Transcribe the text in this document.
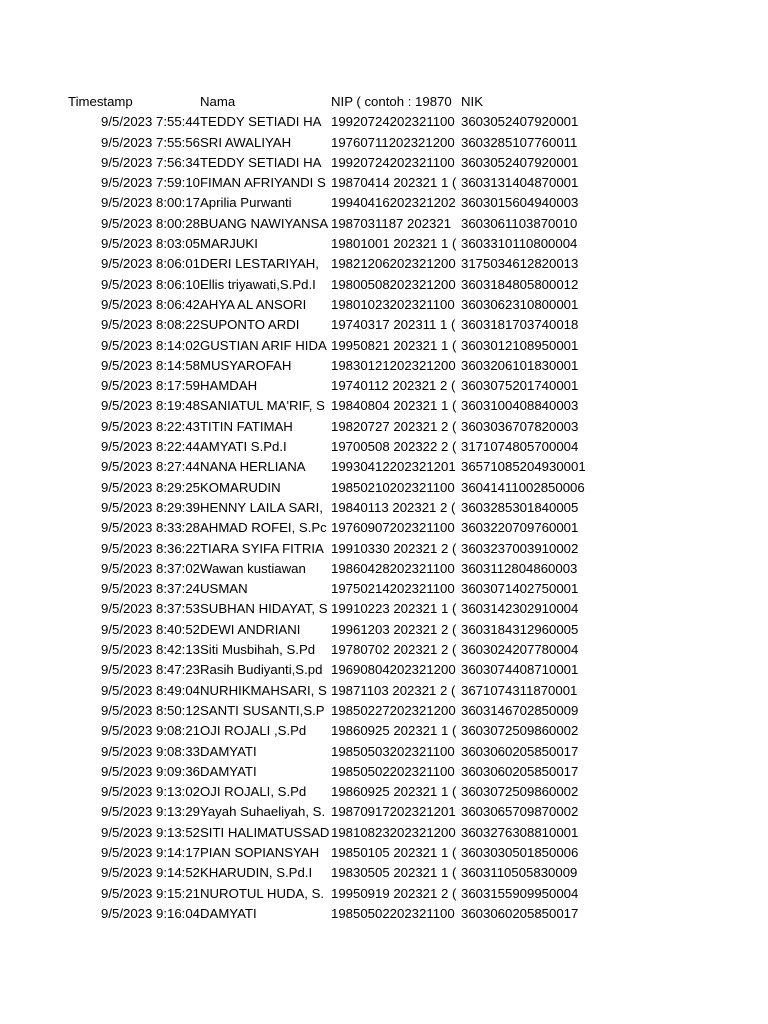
Timestamp	Nama	NIP ( contoh : 19870 NIK
9/5/2023 7:55:44 TEDDY SETIADI HA 19920724202321100 3603052407920001
9/5/2023 7:55:56 SRI AWALIYAH	19760711202321200 3603285107760011
9/5/2023 7:56:34 TEDDY SETIADI HA 19920724202321100 3603052407920001
9/5/2023 7:59:10 FIMAN AFRIYANDI S 19870414 202321 1 ( 3603131404870001
9/5/2023 8:00:17 Aprilia Purwanti	19940416202321202 3603015604940003
9/5/2023 8:00:28 BUANG NAWIYANSA 1987031187 202321 3603061103870010
9/5/2023 8:03:05 MARJUKI	19801001 202321 1 ( 3603310110800004
9/5/2023 8:06:01 DERI LESTARIYAH, 19821206202321200 3175034612820013
9/5/2023 8:06:10 Ellis triyawati,S.Pd.I	19800508202321200 3603184805800012
9/5/2023 8:06:42 AHYA AL ANSORI	19801023202321100 3603062310800001
9/5/2023 8:08:22 SUPONTO ARDI	19740317 202311 1 ( 3603181703740018
9/5/2023 8:14:02 GUSTIAN ARIF HIDA 19950821 202321 1 ( 3603012108950001
9/5/2023 8:14:58 MUSYAROFAH	19830121202321200 3603206101830001
9/5/2023 8:17:59 HAMDAH	19740112 202321 2 ( 3603075201740001
9/5/2023 8:19:48 SANIATUL MA'RIF, S 19840804 202321 1 ( 3603100408840003
9/5/2023 8:22:43 TITIN FATIMAH	19820727 202321 2 ( 3603036707820003
9/5/2023 8:22:44 AMYATI S.Pd.I	19700508 202322 2 ( 3171074805700004
9/5/2023 8:27:44 NANA HERLIANA	19930412202321201 36571085204930001
9/5/2023 8:29:25 KOMARUDIN	19850210202321100 36041411002850006
9/5/2023 8:29:39 HENNY LAILA SARI, 19840113 202321 2 ( 3603285301840005
9/5/2023 8:33:28 AHMAD ROFEI, S.Pc 19760907202321100 3603220709760001
9/5/2023 8:36:22 TIARA SYIFA FITRIA 19910330 202321 2 ( 3603237003910002
9/5/2023 8:37:02 Wawan kustiawan	19860428202321100 3603112804860003
9/5/2023 8:37:24 USMAN	19750214202321100 3603071402750001
9/5/2023 8:37:53 SUBHAN HIDAYAT, S 19910223 202321 1 ( 3603142302910004
9/5/2023 8:40:52 DEWI ANDRIANI	19961203 202321 2 ( 3603184312960005
9/5/2023 8:42:13 Siti Musbihah, S.Pd	19780702 202321 2 ( 3603024207780004
9/5/2023 8:47:23 Rasih Budiyanti,S.pd 19690804202321200 3603074408710001
9/5/2023 8:49:04 NURHIKMAHSARI, S 19871103 202321 2 ( 3671074311870001
9/5/2023 8:50:12 SANTI SUSANTI,S.P 19850227202321200 3603146702850009
9/5/2023 9:08:21 OJI ROJALI ,S.Pd	19860925 202321 1 ( 3603072509860002
9/5/2023 9:08:33 DAMYATI	19850503202321100 3603060205850017
9/5/2023 9:09:36 DAMYATI	19850502202321100 3603060205850017
9/5/2023 9:13:02 OJI ROJALI, S.Pd	19860925 202321 1 ( 3603072509860002
9/5/2023 9:13:29 Yayah Suhaeliyah, S. 19870917202321201 3603065709870002
9/5/2023 9:13:52 SITI HALIMATUSSAD 19810823202321200 3603276308810001
9/5/2023 9:14:17 PIAN SOPIANSYAH 19850105 202321 1 ( 3603030501850006
9/5/2023 9:14:52 KHARUDIN, S.Pd.I	19830505 202321 1 ( 3603110505830009
9/5/2023 9:15:21 NUROTUL HUDA, S. 19950919 202321 2 ( 3603155909950004
9/5/2023 9:16:04 DAMYATI	19850502202321100 3603060205850017
